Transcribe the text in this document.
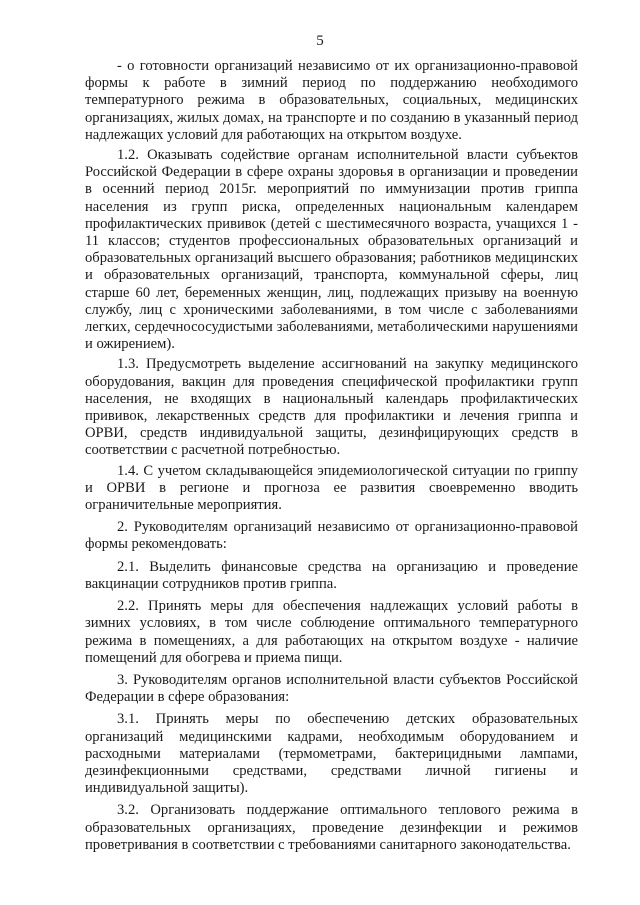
5

- о готовности организаций независимо от их организационно-правовой формы к работе в зимний период по поддержанию необходимого температурного режима в образовательных, социальных, медицинских организациях, жилых домах, на транспорте и по созданию в указанный период надлежащих условий для работающих на открытом воздухе.

1.2. Оказывать содействие органам исполнительной власти субъектов Российской Федерации в сфере охраны здоровья в организации и проведении в осенний период 2015г. мероприятий по иммунизации против гриппа населения из групп риска, определенных национальным календарем профилактических прививок (детей с шестимесячного возраста, учащихся 1 - 11 классов; студентов профессиональных образовательных организаций и образовательных организаций высшего образования; работников медицинских и образовательных организаций, транспорта, коммунальной сферы, лиц старше 60 лет, беременных женщин, лиц, подлежащих призыву на военную службу, лиц с хроническими заболеваниями, в том числе с заболеваниями легких, сердечнососудистыми заболеваниями, метаболическими нарушениями и ожирением).

1.3. Предусмотреть выделение ассигнований на закупку медицинского оборудования, вакцин для проведения специфической профилактики групп населения, не входящих в национальный календарь профилактических прививок, лекарственных средств для профилактики и лечения гриппа и ОРВИ, средств индивидуальной защиты, дезинфицирующих средств в соответствии с расчетной потребностью.

1.4. С учетом складывающейся эпидемиологической ситуации по гриппу и ОРВИ в регионе и прогноза ее развития своевременно вводить ограничительные мероприятия.

2. Руководителям организаций независимо от организационно-правовой формы рекомендовать:

2.1. Выделить финансовые средства на организацию и проведение вакцинации сотрудников против гриппа.

2.2. Принять меры для обеспечения надлежащих условий работы в зимних условиях, в том числе соблюдение оптимального температурного режима в помещениях, а для работающих на открытом воздухе - наличие помещений для обогрева и приема пищи.

3. Руководителям органов исполнительной власти субъектов Российской Федерации в сфере образования:

3.1. Принять меры по обеспечению детских образовательных организаций медицинскими кадрами, необходимым оборудованием и расходными материалами (термометрами, бактерицидными лампами, дезинфекционными средствами, средствами личной гигиены и индивидуальной защиты).

3.2. Организовать поддержание оптимального теплового режима в образовательных организациях, проведение дезинфекции и режимов проветривания в соответствии с требованиями санитарного законодательства.
